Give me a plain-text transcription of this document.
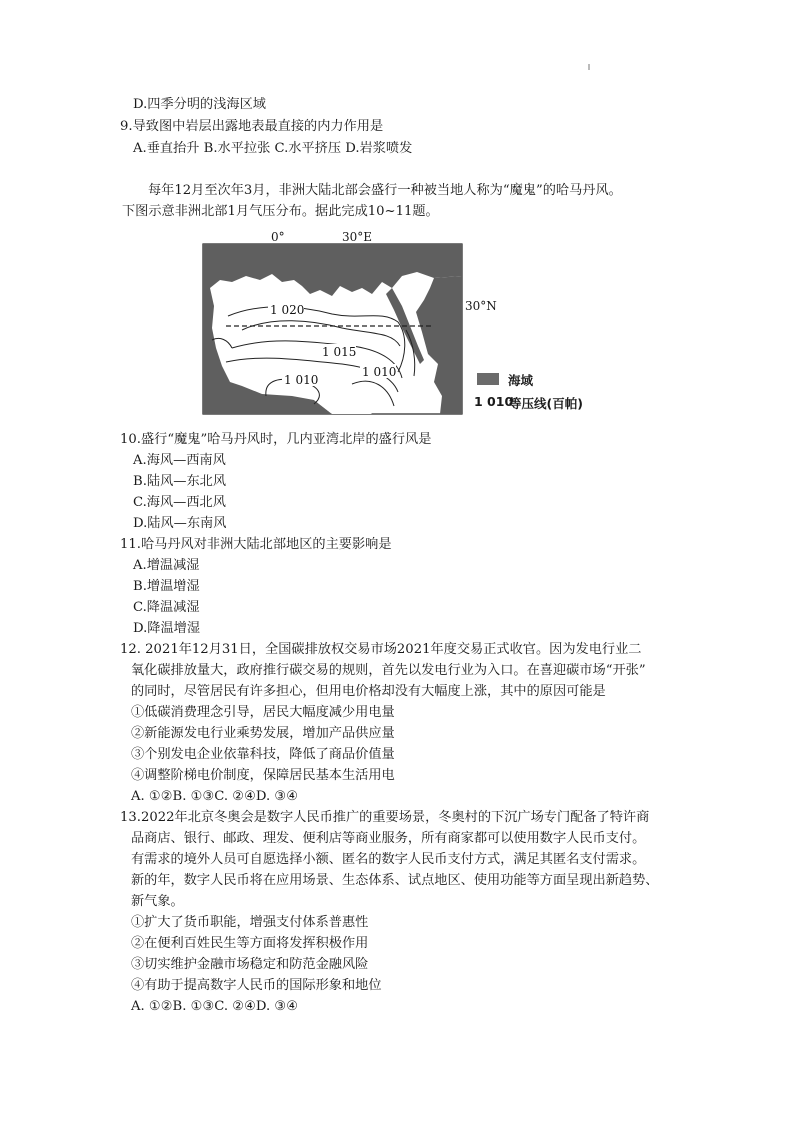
D.四季分明的浅海区域
9.导致图中岩层出露地表最直接的内力作用是
A.垂直抬升 B.水平拉张 C.水平挤压 D.岩浆喷发
每年12月至次年3月，非洲大陆北部会盛行一种被当地人称为“魔鬼”的哈马丹风。
下图示意非洲北部1月气压分布。据此完成10~11题。
1 020
1 015
1 010
1 010
0°	30°E
30°N
海域
1 010
等压线(百帕)
10.盛行“魔鬼”哈马丹风时，几内亚湾北岸的盛行风是
A.海风—西南风
B.陆风—东北风
C.海风—西北风
D.陆风—东南风
11.哈马丹风对非洲大陆北部地区的主要影响是
A.增温减湿
B.增温增湿
C.降温减湿
D.降温增湿
12. 2021年12月31日，全国碳排放权交易市场2021年度交易正式收官。因为发电行业二
氧化碳排放量大，政府推行碳交易的规则，首先以发电行业为入口。在喜迎碳市场“开张”
的同时，尽管居民有许多担心，但用电价格却没有大幅度上涨，其中的原因可能是
①低碳消费理念引导，居民大幅度减少用电量
②新能源发电行业乘势发展，增加产品供应量
③个别发电企业依靠科技，降低了商品价值量
④调整阶梯电价制度，保障居民基本生活用电
A. ①②B. ①③C. ②④D. ③④
13.2022年北京冬奥会是数字人民币推广的重要场景，冬奥村的下沉广场专门配备了特许商
品商店、银行、邮政、理发、便利店等商业服务，所有商家都可以使用数字人民币支付。
有需求的境外人员可自愿选择小额、匿名的数字人民币支付方式，满足其匿名支付需求。
新的年，数字人民币将在应用场景、生态体系、试点地区、使用功能等方面呈现出新趋势、
新气象。
①扩大了货币职能，增强支付体系普惠性
②在便利百姓民生等方面将发挥积极作用
③切实维护金融市场稳定和防范金融风险
④有助于提高数字人民币的国际形象和地位
A. ①②B. ①③C. ②④D. ③④
